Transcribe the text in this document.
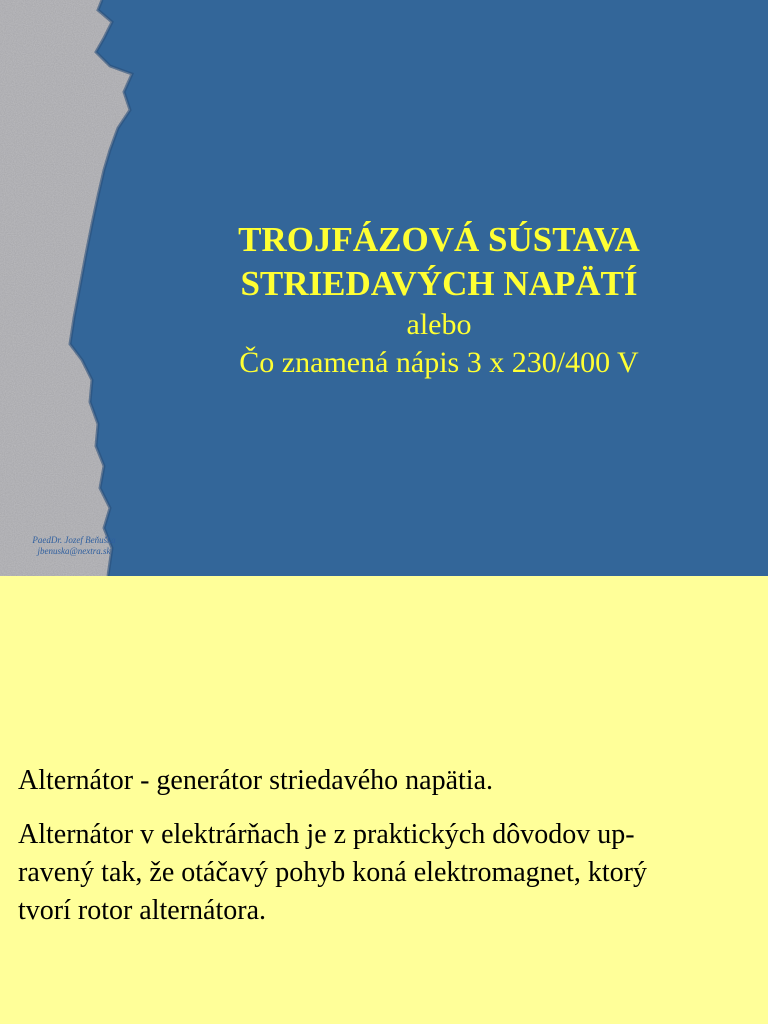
TROJFÁZOVÁ SÚSTAVA
STRIEDAVÝCH NAPÄTÍ
alebo
Čo znamená nápis 3 x 230/400 V
PaedDr. Jozef Beňuška
jbenuska@nextra.sk
Alternátor - generátor striedavého napätia.
Alternátor v elektrárňach je z praktických dôvodov up-
ravený tak, že otáčavý pohyb koná elektromagnet, ktorý
tvorí rotor alternátora.
